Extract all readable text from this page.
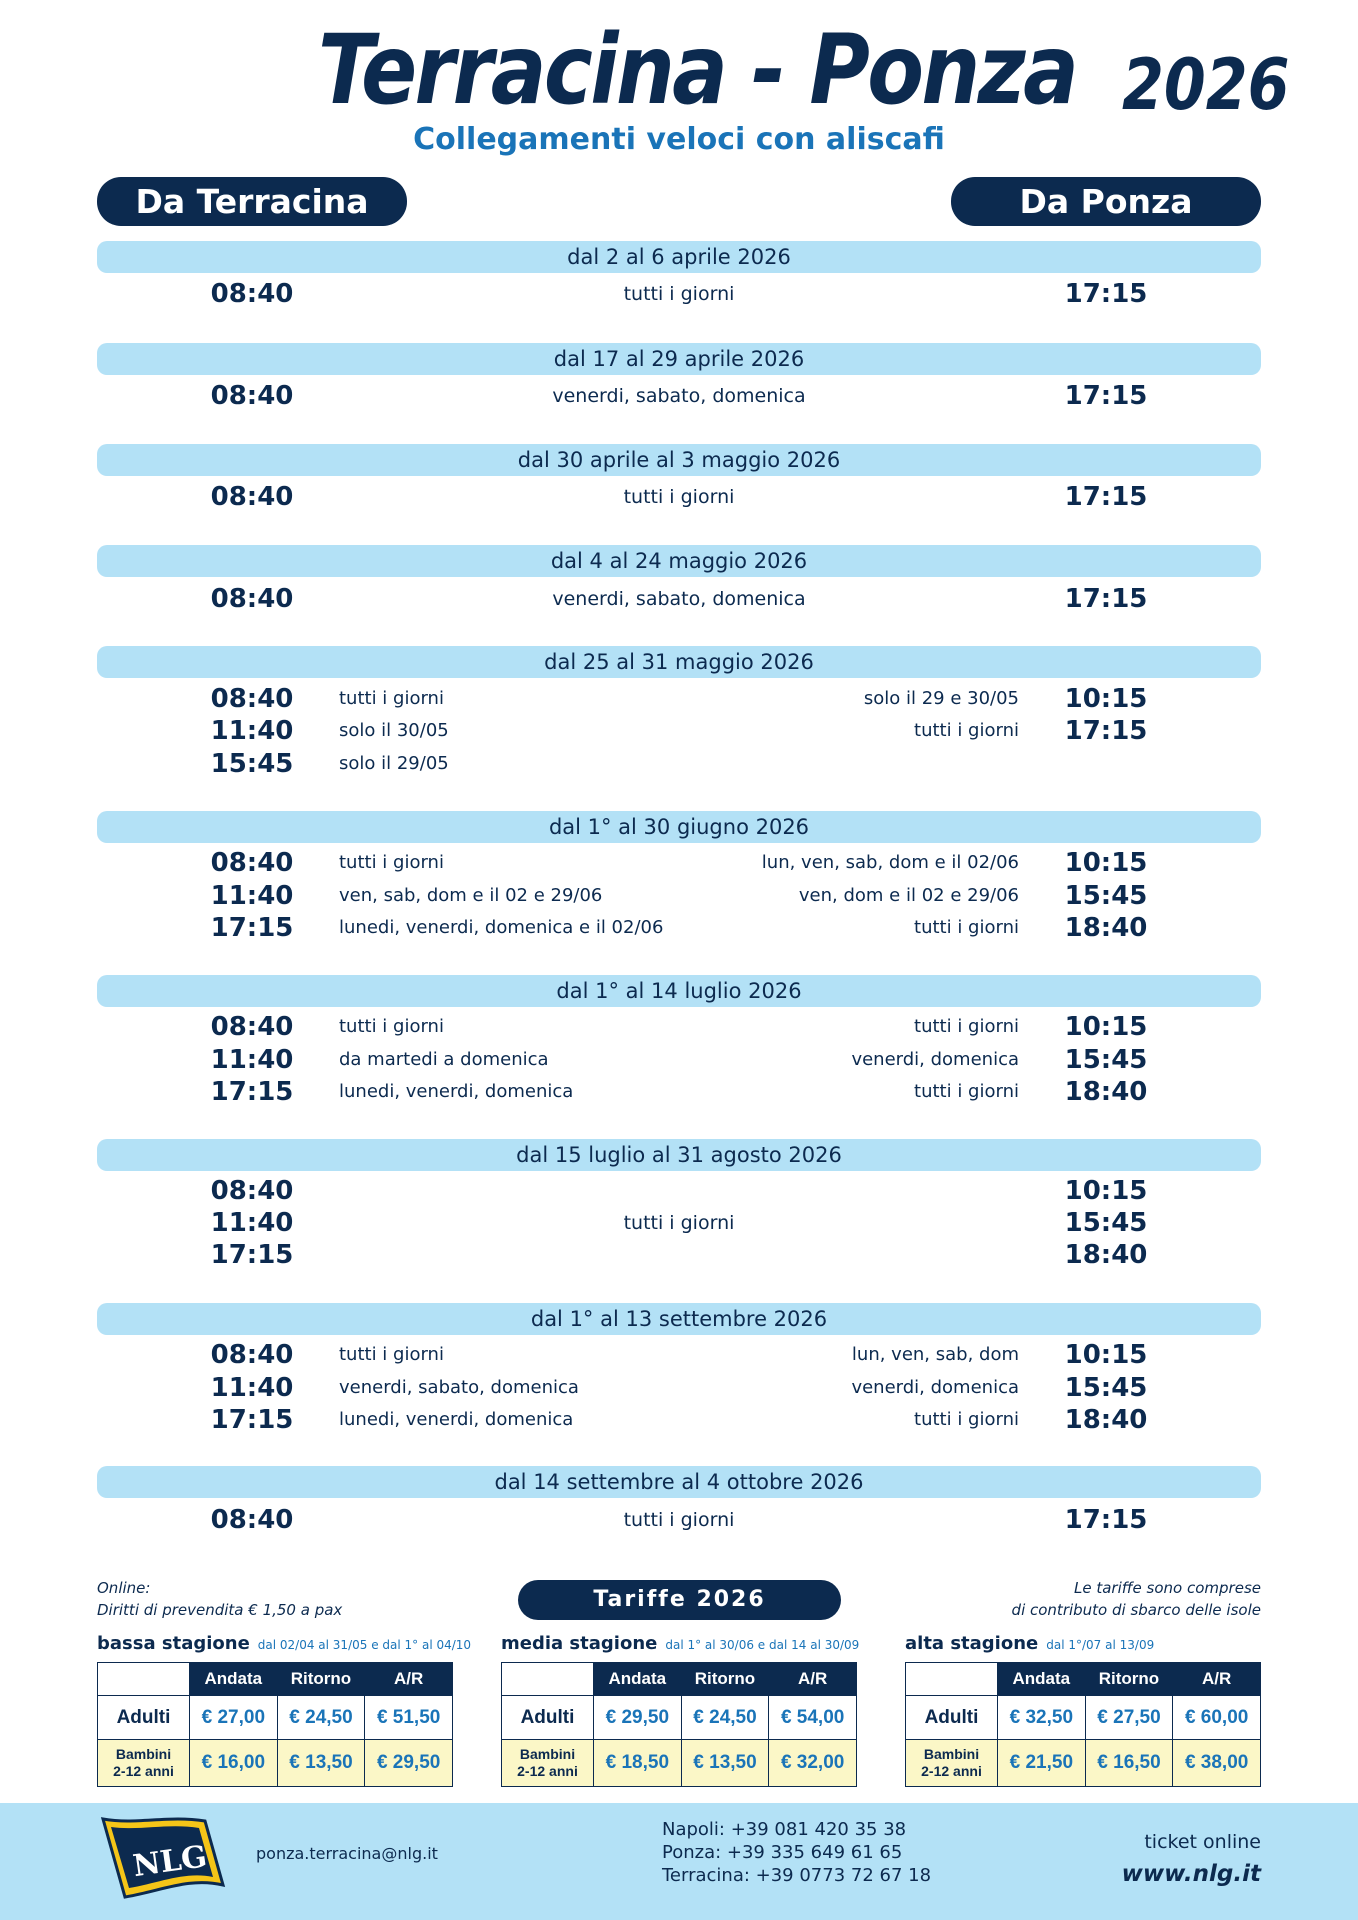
Terracina - Ponza 2026
Collegamenti veloci con aliscafi
Da Terracina	Da Ponza
dal 2 al 6 aprile 2026
08:40	tutti i giorni	17:15
dal 17 al 29 aprile 2026
08:40	venerdi, sabato, domenica	17:15
dal 30 aprile al 3 maggio 2026
08:40	tutti i giorni	17:15
dal 4 al 24 maggio 2026
08:40	venerdi, sabato, domenica	17:15
dal 25 al 31 maggio 2026
08:40	tutti i giorni	solo il 29 e 30/05	10:15
11:40	solo il 30/05	tutti i giorni	17:15
15:45	solo il 29/05
dal 1° al 30 giugno 2026
08:40	tutti i giorni	lun, ven, sab, dom e il 02/06	10:15
11:40	ven, sab, dom e il 02 e 29/06	ven, dom e il 02 e 29/06	15:45
17:15	lunedi, venerdi, domenica e il 02/06	tutti i giorni	18:40
dal 1° al 14 luglio 2026
08:40	tutti i giorni	tutti i giorni	10:15
11:40	da martedi a domenica	venerdi, domenica	15:45
17:15	lunedi, venerdi, domenica	tutti i giorni	18:40
dal 15 luglio al 31 agosto 2026
08:40	10:15
11:40	tutti i giorni	15:45
17:15	18:40
dal 1° al 13 settembre 2026
08:40	tutti i giorni	lun, ven, sab, dom	10:15
11:40	venerdi, sabato, domenica	venerdi, domenica	15:45
17:15	lunedi, venerdi, domenica	tutti i giorni	18:40
dal 14 settembre al 4 ottobre 2026
08:40	tutti i giorni	17:15
Online:
Diritti di prevendita € 1,50 a pax	Tariffe 2026	Le tariffe sono comprese
di contributo di sbarco delle isole
bassa stagione dal 02/04 al 31/05 e dal 1° al 04/10
	Andata	Ritorno	A/R
Adulti	€ 27,00	€ 24,50	€ 51,50
Bambini
2-12 anni	€ 16,00	€ 13,50	€ 29,50
media stagione dal 1° al 30/06 e dal 14 al 30/09
	Andata	Ritorno	A/R
Adulti	€ 29,50	€ 24,50	€ 54,00
Bambini
2-12 anni	€ 18,50	€ 13,50	€ 32,00
alta stagione dal 1°/07 al 13/09
	Andata	Ritorno	A/R
Adulti	€ 32,50	€ 27,50	€ 60,00
Bambini
2-12 anni	€ 21,50	€ 16,50	€ 38,00
NLG	ponza.terracina@nlg.it
Napoli: +39 081 420 35 38
Ponza: +39 335 649 61 65
Terracina: +39 0773 72 67 18
ticket online
www.nlg.it
